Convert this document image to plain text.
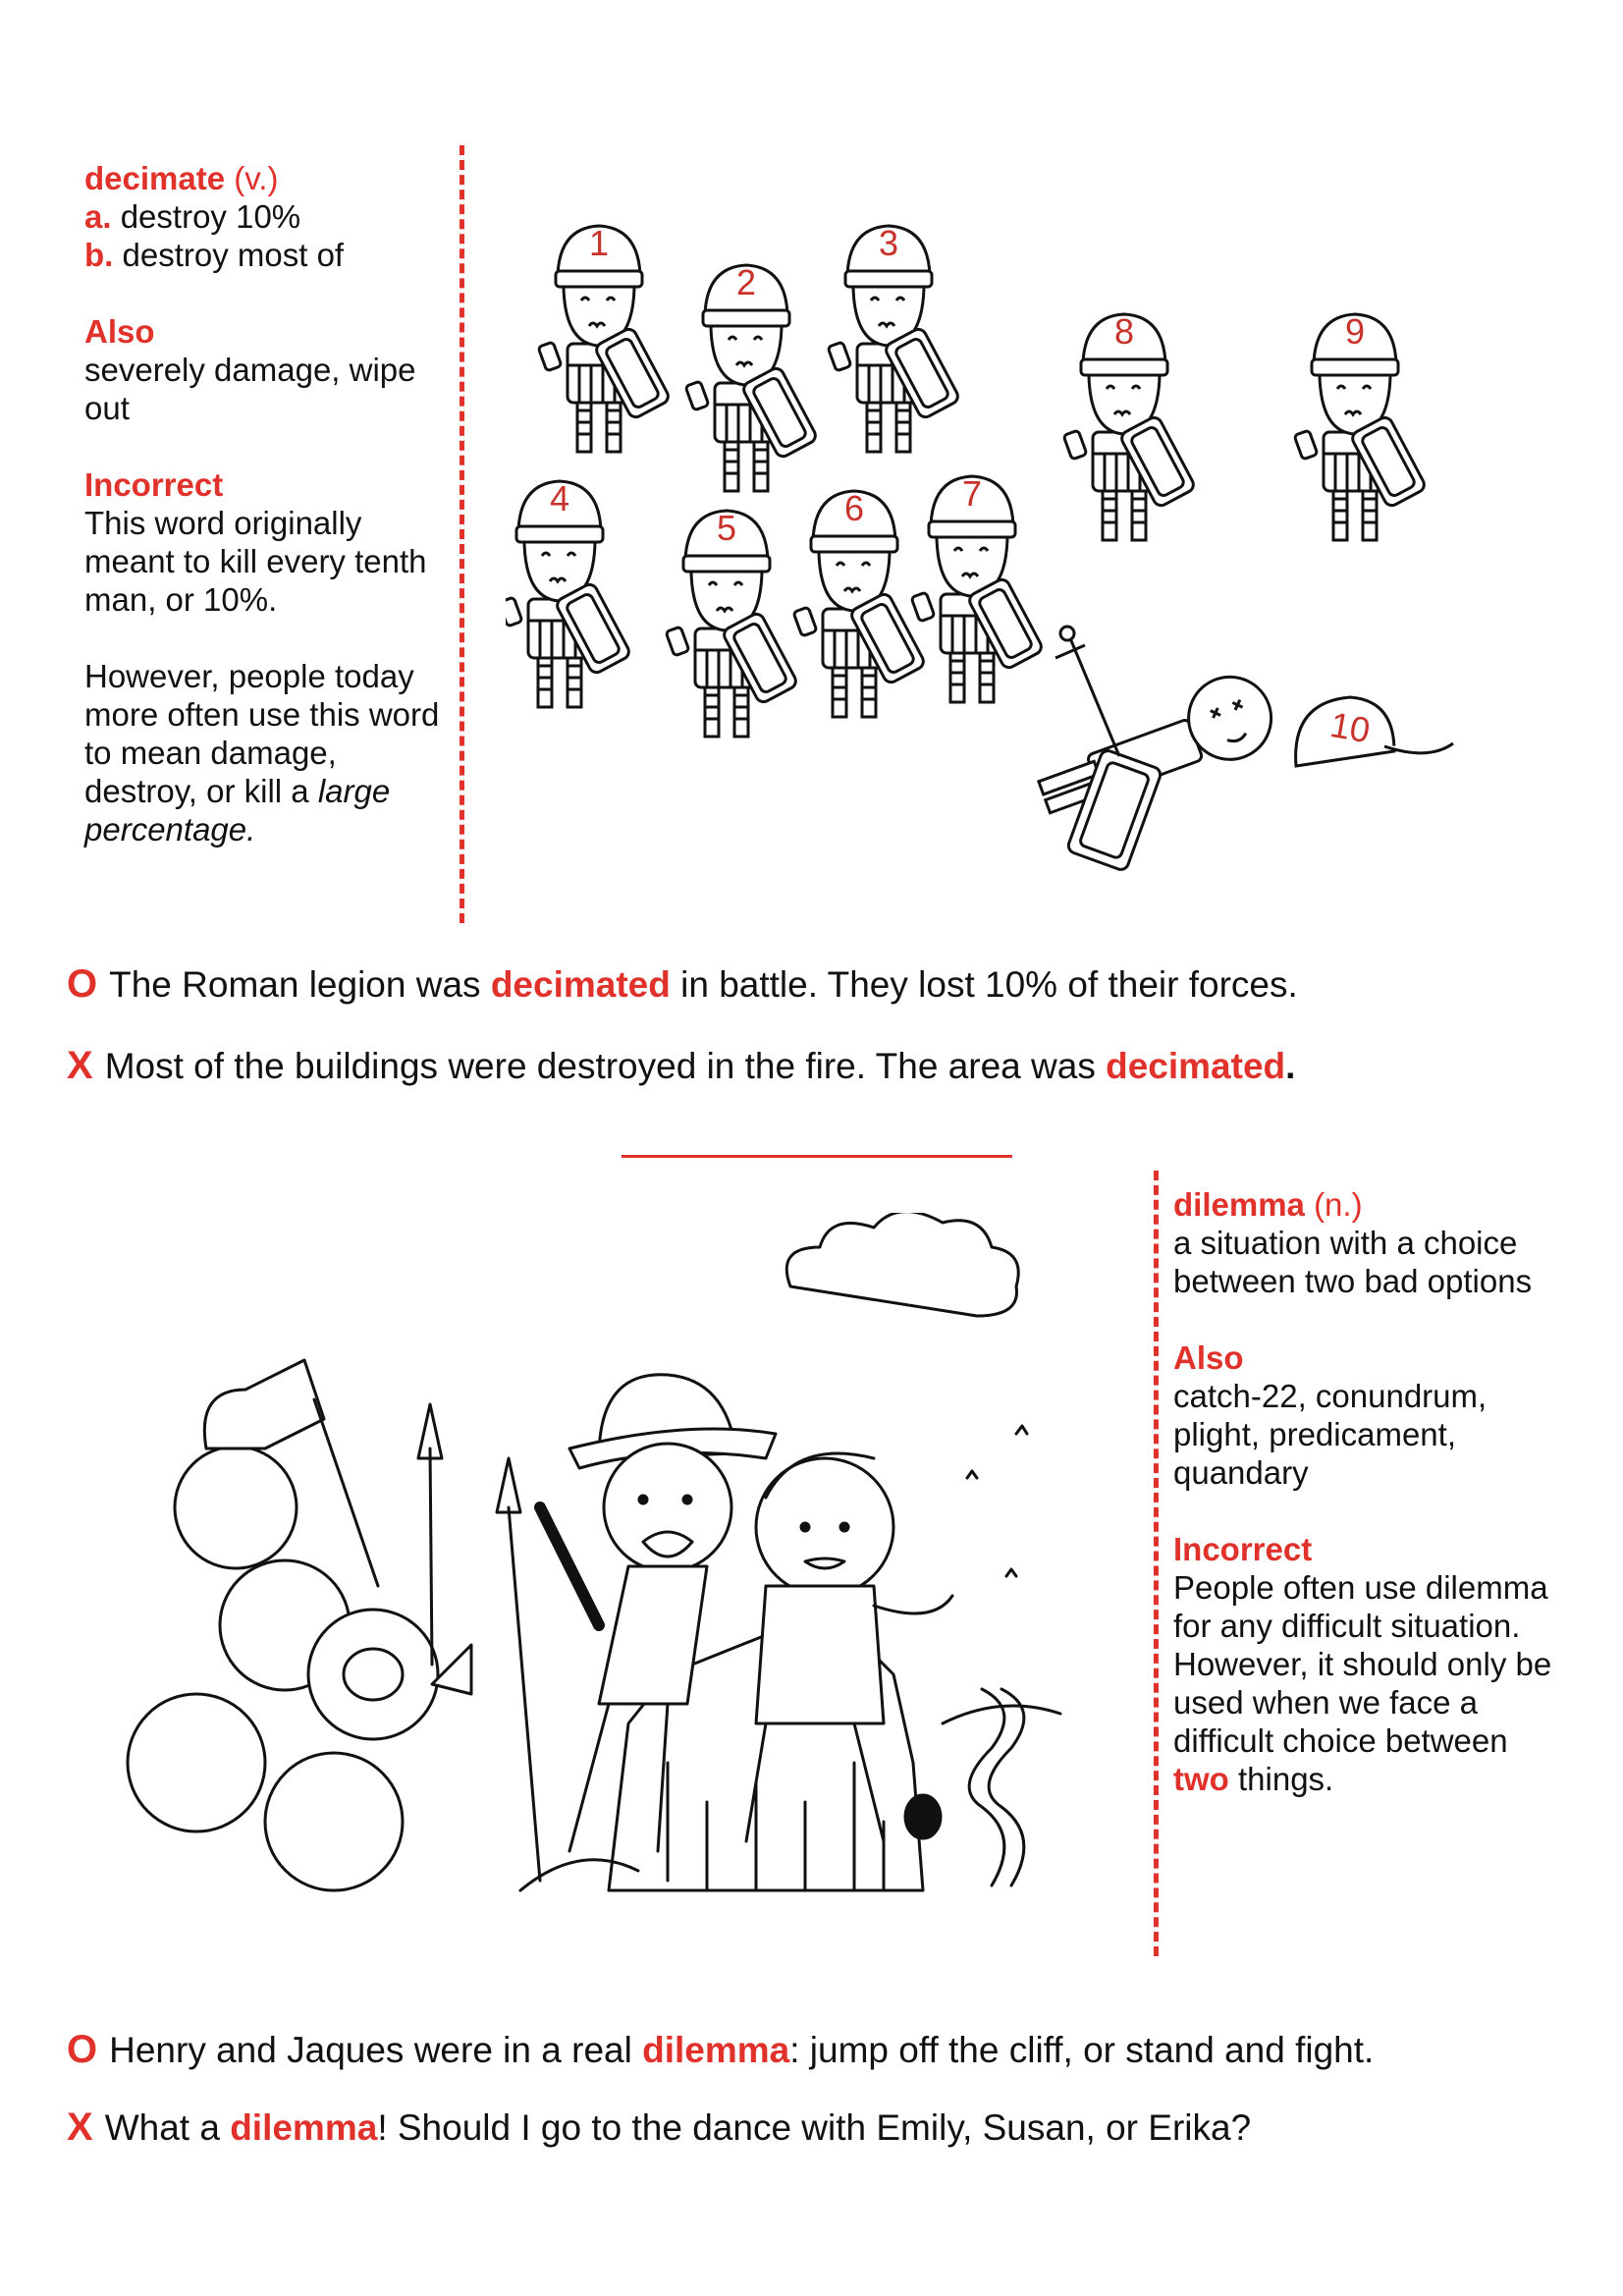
decimate (v.)

a. destroy 10%

b. destroy most of

Also

severely damage, wipe out

Incorrect

This word originally meant to kill every tenth man, or 10%.

However, people today more often use this word to mean damage, destroy, or kill a large percentage.

1
2
3
4
5	6	7
8	9
10
O The Roman legion was decimated in battle. They lost 10% of their forces.
X Most of the buildings were destroyed in the fire. The area was decimated.

dilemma (n.)

a situation with a choice between two bad options

Also

catch-22, conundrum, plight, predicament, quandary

Incorrect

People often use dilemma for any difficult situation. However, it should only be used when we face a difficult choice between two things.

O Henry and Jaques were in a real dilemma: jump off the cliff, or stand and fight.
X What a dilemma! Should I go to the dance with Emily, Susan, or Erika?
